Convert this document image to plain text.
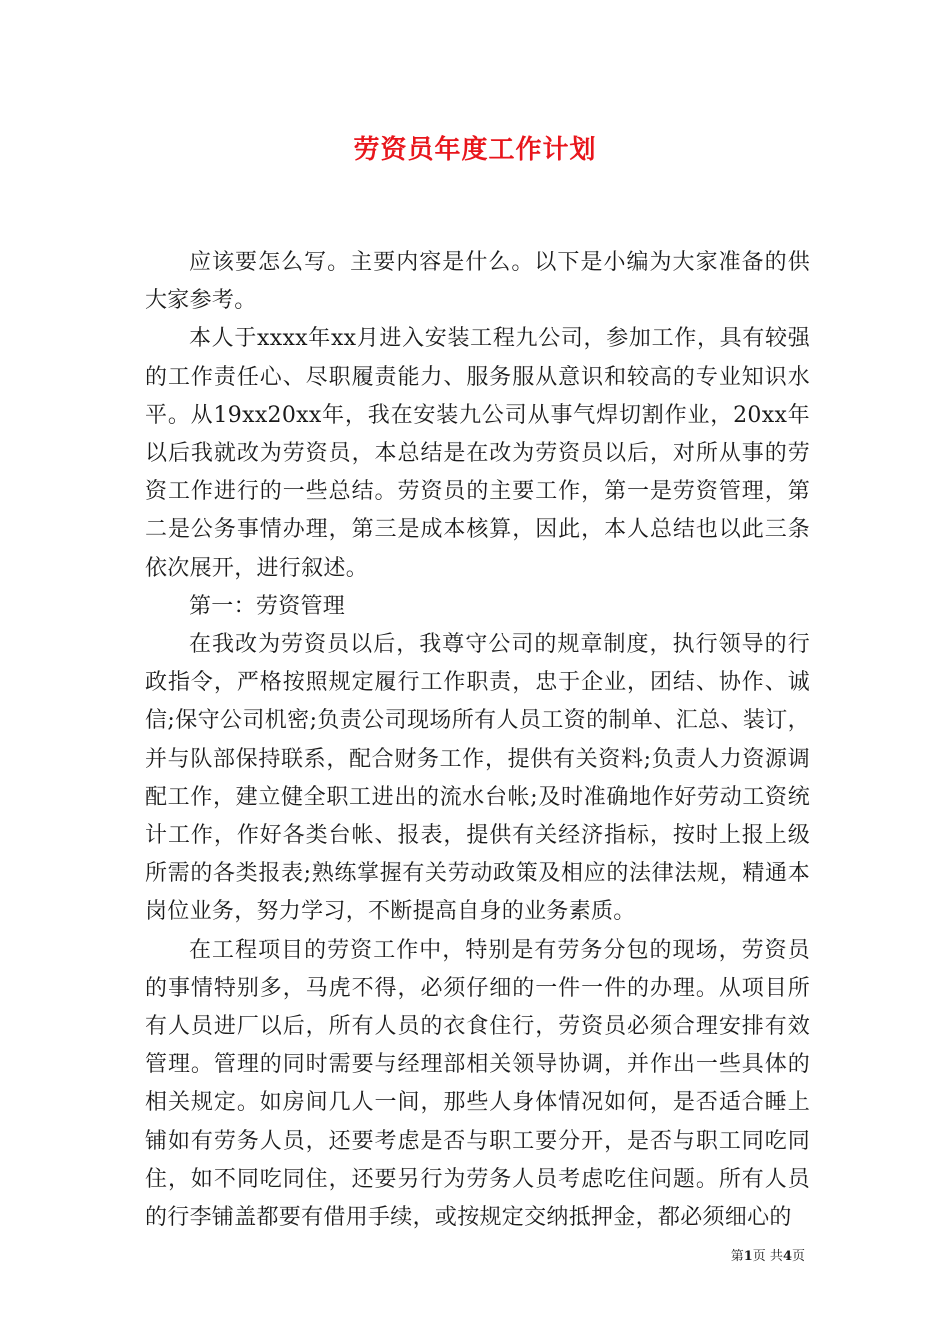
劳资员年度工作计划

应该要怎么写。主要内容是什么。以下是小编为大家准备的供大家参考。

本人于xxxx年xx月进入安装工程九公司，参加工作，具有较强的工作责任心、尽职履责能力、服务服从意识和较高的专业知识水平。从19xx20xx年，我在安装九公司从事气焊切割作业，20xx年以后我就改为劳资员，本总结是在改为劳资员以后，对所从事的劳资工作进行的一些总结。劳资员的主要工作，第一是劳资管理，第二是公务事情办理，第三是成本核算，因此，本人总结也以此三条依次展开，进行叙述。

第一：劳资管理

在我改为劳资员以后，我尊守公司的规章制度，执行领导的行政指令，严格按照规定履行工作职责，忠于企业，团结、协作、诚信;保守公司机密;负责公司现场所有人员工资的制单、汇总、装订，并与队部保持联系，配合财务工作，提供有关资料;负责人力资源调配工作，建立健全职工进出的流水台帐;及时准确地作好劳动工资统计工作，作好各类台帐、报表，提供有关经济指标，按时上报上级所需的各类报表;熟练掌握有关劳动政策及相应的法律法规，精通本岗位业务，努力学习，不断提高自身的业务素质。

在工程项目的劳资工作中，特别是有劳务分包的现场，劳资员的事情特别多，马虎不得，必须仔细的一件一件的办理。从项目所有人员进厂以后，所有人员的衣食住行，劳资员必须合理安排有效管理。管理的同时需要与经理部相关领导协调，并作出一些具体的相关规定。如房间几人一间，那些人身体情况如何，是否适合睡上铺如有劳务人员，还要考虑是否与职工要分开，是否与职工同吃同住，如不同吃同住，还要另行为劳务人员考虑吃住问题。所有人员的行李铺盖都要有借用手续，或按规定交纳抵押金，都必须细心的

第1页 共4页
